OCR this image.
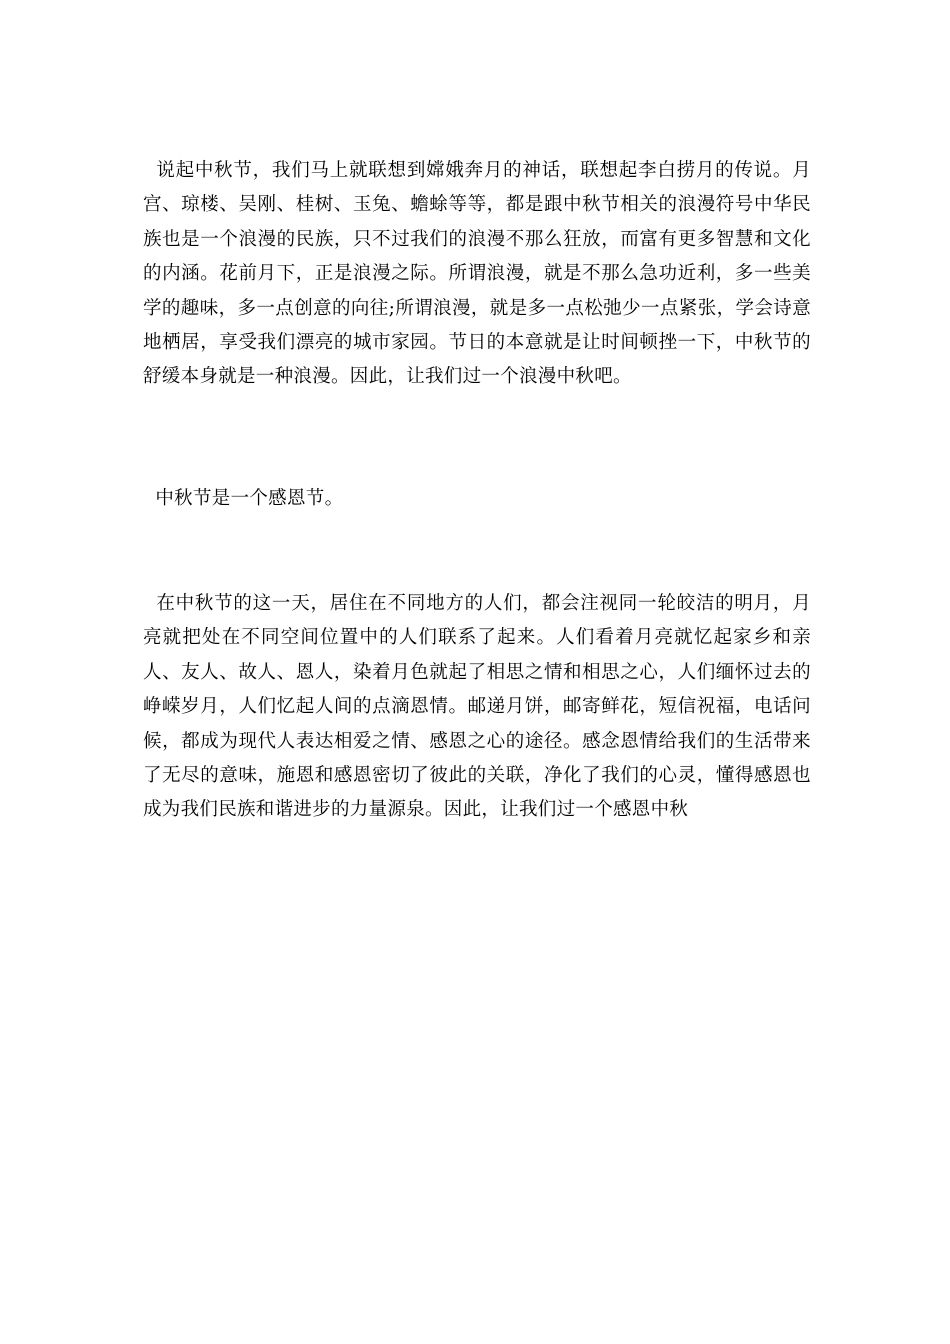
说起中秋节，我们马上就联想到嫦娥奔月的神话，联想起李白捞月的传说。月宫、琼楼、吴刚、桂树、玉兔、蟾蜍等等，都是跟中秋节相关的浪漫符号中华民族也是一个浪漫的民族，只不过我们的浪漫不那么狂放，而富有更多智慧和文化的内涵。花前月下，正是浪漫之际。所谓浪漫，就是不那么急功近利，多一些美学的趣味，多一点创意的向往;所谓浪漫，就是多一点松弛少一点紧张，学会诗意地栖居，享受我们漂亮的城市家园。节日的本意就是让时间顿挫一下，中秋节的舒缓本身就是一种浪漫。因此，让我们过一个浪漫中秋吧。

中秋节是一个感恩节。

在中秋节的这一天，居住在不同地方的人们，都会注视同一轮皎洁的明月，月亮就把处在不同空间位置中的人们联系了起来。人们看着月亮就忆起家乡和亲人、友人、故人、恩人，染着月色就起了相思之情和相思之心，人们缅怀过去的峥嵘岁月，人们忆起人间的点滴恩情。邮递月饼，邮寄鲜花，短信祝福，电话问候，都成为现代人表达相爱之情、感恩之心的途径。感念恩情给我们的生活带来了无尽的意味，施恩和感恩密切了彼此的关联，净化了我们的心灵，懂得感恩也成为我们民族和谐进步的力量源泉。因此，让我们过一个感恩中秋
